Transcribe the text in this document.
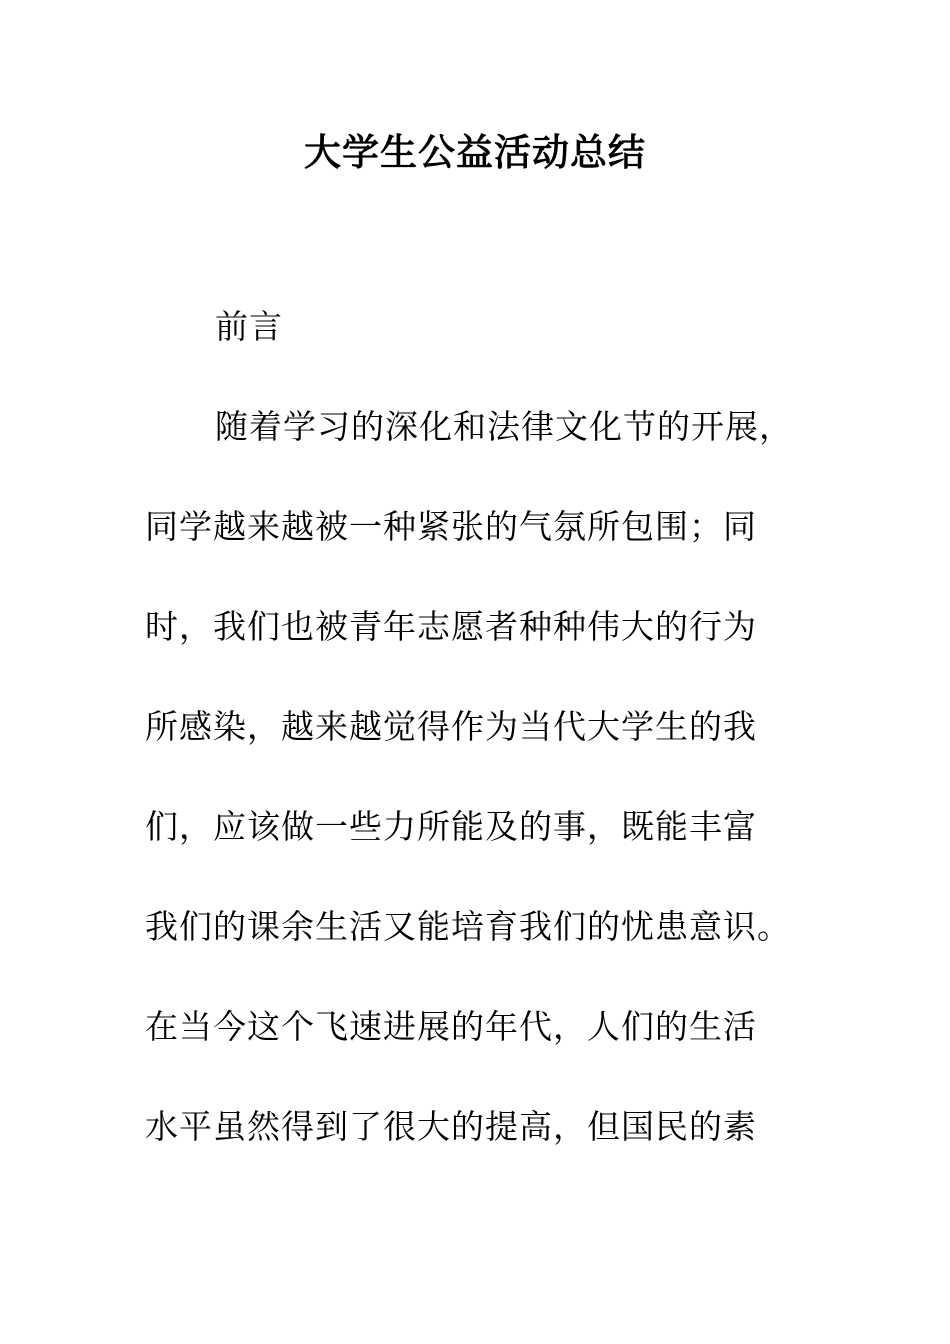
大学生公益活动总结
前言
随着学习的深化和法律文化节的开展，
同学越来越被一种紧张的气氛所包围；同
时，我们也被青年志愿者种种伟大的行为
所感染，越来越觉得作为当代大学生的我
们，应该做一些力所能及的事，既能丰富
我们的课余生活又能培育我们的忧患意识。
在当今这个飞速进展的年代，人们的生活
水平虽然得到了很大的提高，但国民的素
